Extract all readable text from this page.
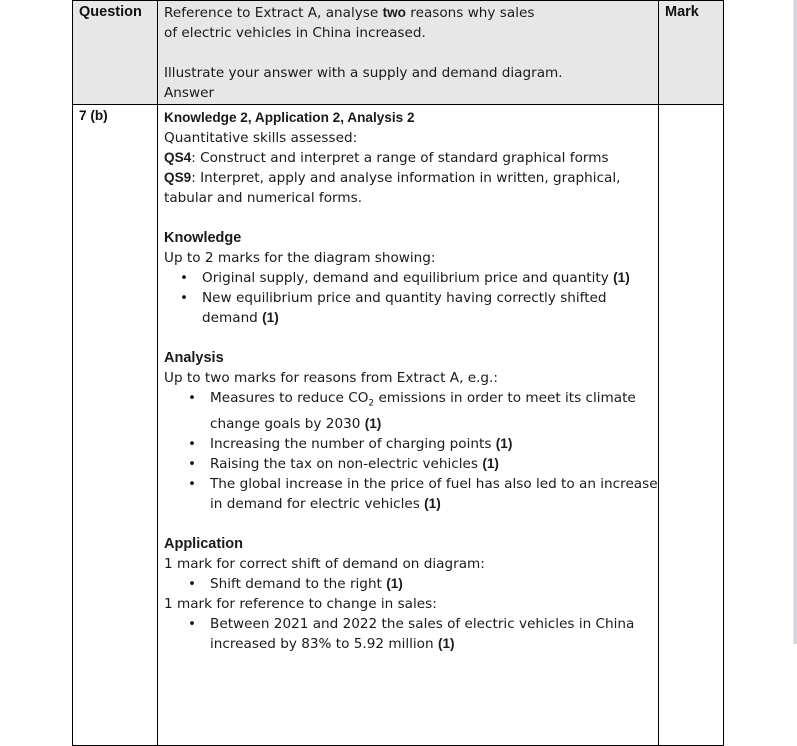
Question	Reference to Extract A, analyse two reasons why sales

of electric vehicles in China increased.

Illustrate your answer with a supply and demand diagram.

Answer	Mark

7 (b)	Knowledge 2, Application 2, Analysis 2

Quantitative skills assessed:

QS4: Construct and interpret a range of standard graphical forms

QS9: Interpret, apply and analyse information in written, graphical, tabular and numerical forms.

Knowledge

Up to 2 marks for the diagram showing:

• Original supply, demand and equilibrium price and quantity (1)
• New equilibrium price and quantity having correctly shifted demand (1)

Analysis

Up to two marks for reasons from Extract A, e.g.:

• Measures to reduce $CO_2$ emissions in order to meet its climate change goals by 2030 (1)
• Increasing the number of charging points (1)
• Raising the tax on non-electric vehicles (1)
• The global increase in the price of fuel has also led to an increase in demand for electric vehicles (1)

Application

1 mark for correct shift of demand on diagram:

• Shift demand to the right (1)

1 mark for reference to change in sales:

• Between 2021 and 2022 the sales of electric vehicles in China increased by 83% to 5.92 million (1)
